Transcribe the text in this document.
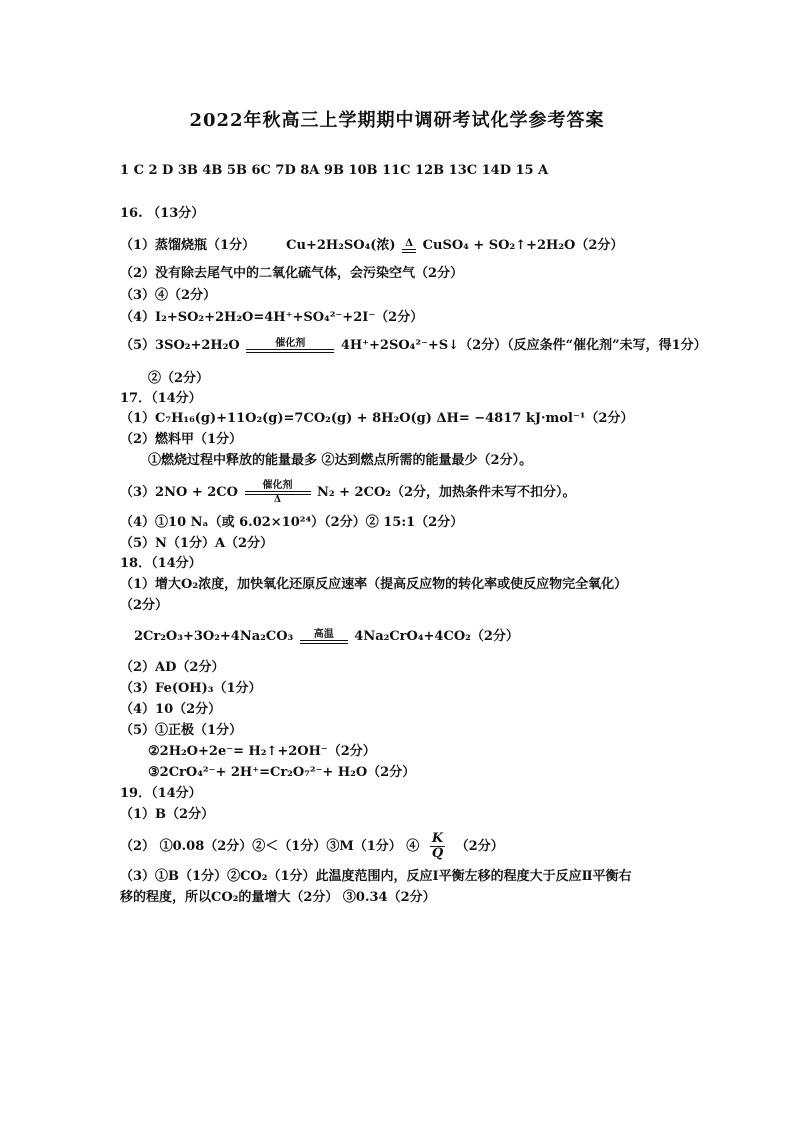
2022年秋高三上学期期中调研考试化学参考答案
1 C 2 D 3B 4B 5B 6C 7D 8A 9B 10B 11C 12B 13C 14D 15 A
16. （13分）
（1）蒸馏烧瓶（1分） Cu+2H₂SO₄(浓) Δ CuSO₄ + SO₂↑+2H₂O（2分）
（2）没有除去尾气中的二氧化硫气体，会污染空气（2分）
（3）④（2分）
（4）I₂+SO₂+2H₂O=4H⁺+SO₄²⁻+2I⁻（2分）
（5）3SO₂+2H₂O	催化剂	4H⁺+2SO₄²⁻+S↓（2分）（反应条件“催化剂”未写，得1分）
②（2分）
17．（14分）
（1）C₇H₁₆(g)+11O₂(g)=7CO₂(g) + 8H₂O(g) ΔH= −4817 kJ·mol⁻¹（2分）
（2）燃料甲（1分）
①燃烧过程中释放的能量最多 ②达到燃点所需的能量最少（2分）。
（3）2NO + 2CO	催化剂
Δ	N₂ + 2CO₂（2分，加热条件未写不扣分）。
（4）①10 Nₐ（或 6.02×10²⁴）（2分）② 15:1（2分）
（5）N（1分）A（2分）
18．（14分）
（1）增大O₂浓度，加快氧化还原反应速率（提高反应物的转化率或使反应物完全氧化）
（2分）
2Cr₂O₃+3O₂+4Na₂CO₃	高温	4Na₂CrO₄+4CO₂（2分）
（2）AD（2分）
（3）Fe(OH)₃（1分）
（4）10（2分）
（5）①正极（1分）
②2H₂O+2e⁻= H₂↑+2OH⁻（2分）
③2CrO₄²⁻+ 2H⁺=Cr₂O₇²⁻+ H₂O（2分）
19．（14分）
（1）B（2分）
（2） ①0.08（2分）②＜（1分）③M（1分） ④ $\frac{K}{Q} (2$分）
（3）①B（1分）②CO₂（1分）此温度范围内，反应Ⅰ平衡左移的程度大于反应Ⅱ平衡右
移的程度，所以CO₂的量增大（2分） ③0.34（2分）
